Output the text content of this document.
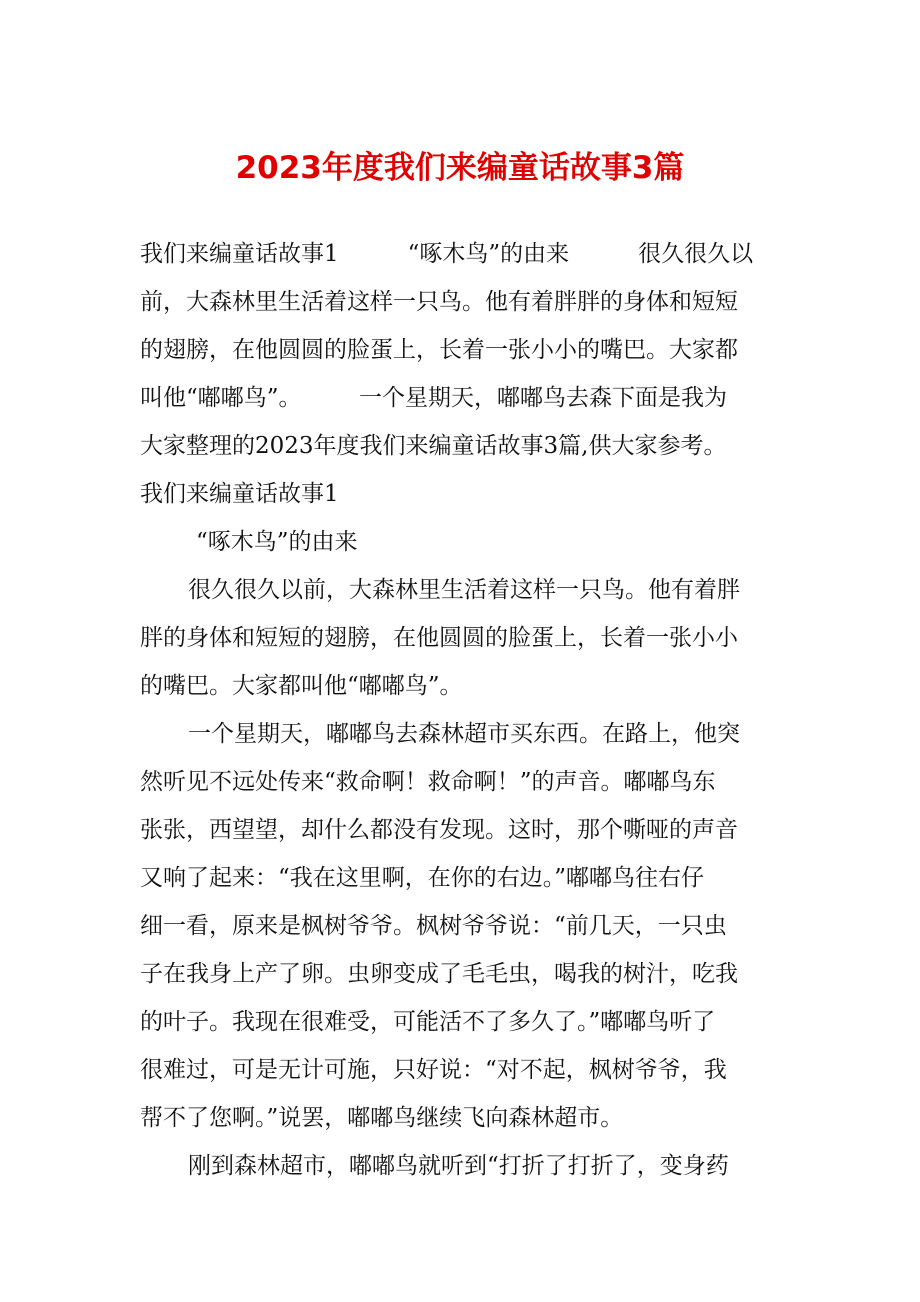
2023年度我们来编童话故事3篇
我们来编童话故事1　　　“啄木鸟”的由来　　　很久很久以
前，大森林里生活着这样一只鸟。他有着胖胖的身体和短短
的翅膀，在他圆圆的脸蛋上，长着一张小小的嘴巴。大家都
叫他“嘟嘟鸟”。　　　一个星期天，嘟嘟鸟去森下面是我为
大家整理的2023年度我们来编童话故事3篇,供大家参考。
我们来编童话故事1
“啄木鸟”的由来
很久很久以前，大森林里生活着这样一只鸟。他有着胖
胖的身体和短短的翅膀，在他圆圆的脸蛋上，长着一张小小
的嘴巴。大家都叫他“嘟嘟鸟”。
一个星期天，嘟嘟鸟去森林超市买东西。在路上，他突
然听见不远处传来“救命啊！救命啊！”的声音。嘟嘟鸟东
张张，西望望，却什么都没有发现。这时，那个嘶哑的声音
又响了起来：“我在这里啊，在你的右边。”嘟嘟鸟往右仔
细一看，原来是枫树爷爷。枫树爷爷说：“前几天，一只虫
子在我身上产了卵。虫卵变成了毛毛虫，喝我的树汁，吃我
的叶子。我现在很难受，可能活不了多久了。”嘟嘟鸟听了
很难过，可是无计可施，只好说：“对不起，枫树爷爷，我
帮不了您啊。”说罢，嘟嘟鸟继续飞向森林超市。
刚到森林超市，嘟嘟鸟就听到“打折了打折了，变身药
